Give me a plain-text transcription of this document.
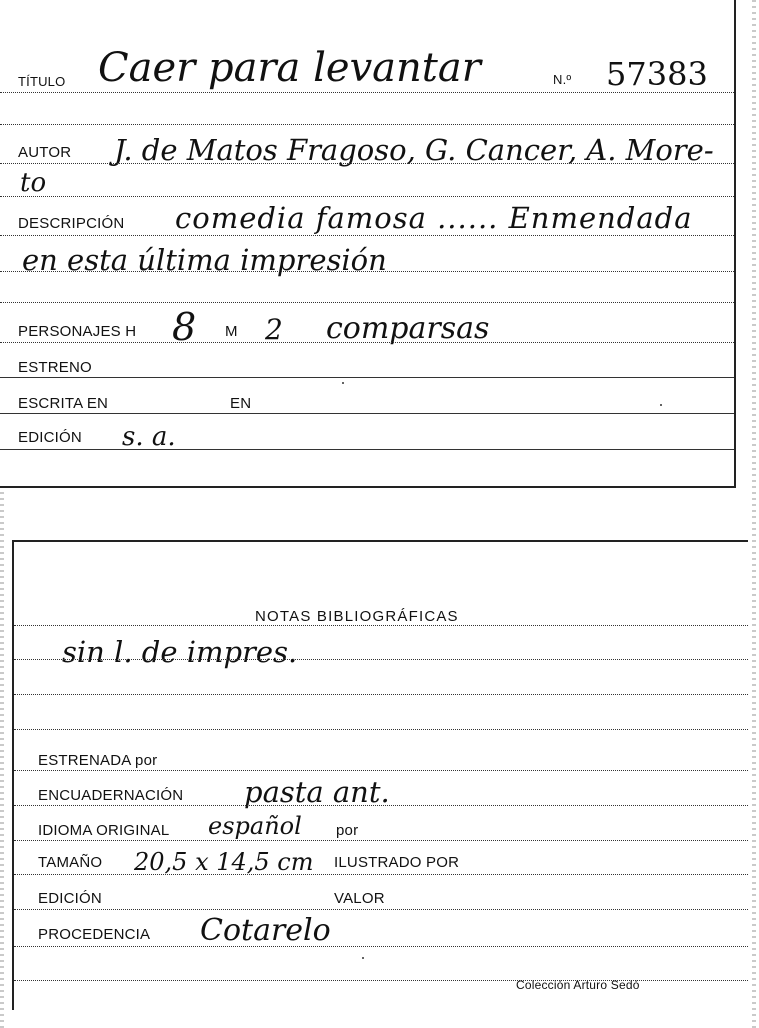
TÍTULO Caer para levantar	N.º 57383
AUTOR J. de Matos Fragoso, G. Cancer, A. More-
to
DESCRIPCIÓN comedia famosa ...... Enmendada
en esta última impresión
PERSONAJES H 8 M 2 comparsas
ESTRENO
ESCRITA EN	EN
EDICIÓN s. a.
NOTAS BIBLIOGRÁFICAS
sin l. de impres.
ESTRENADA por
ENCUADERNACIÓN pasta ant.
IDIOMA ORIGINAL español por
TAMAÑO 20,5 x 14,5 cm ILUSTRADO POR
EDICIÓN	VALOR
PROCEDENCIA Cotarelo
Colección Arturo Sedó
